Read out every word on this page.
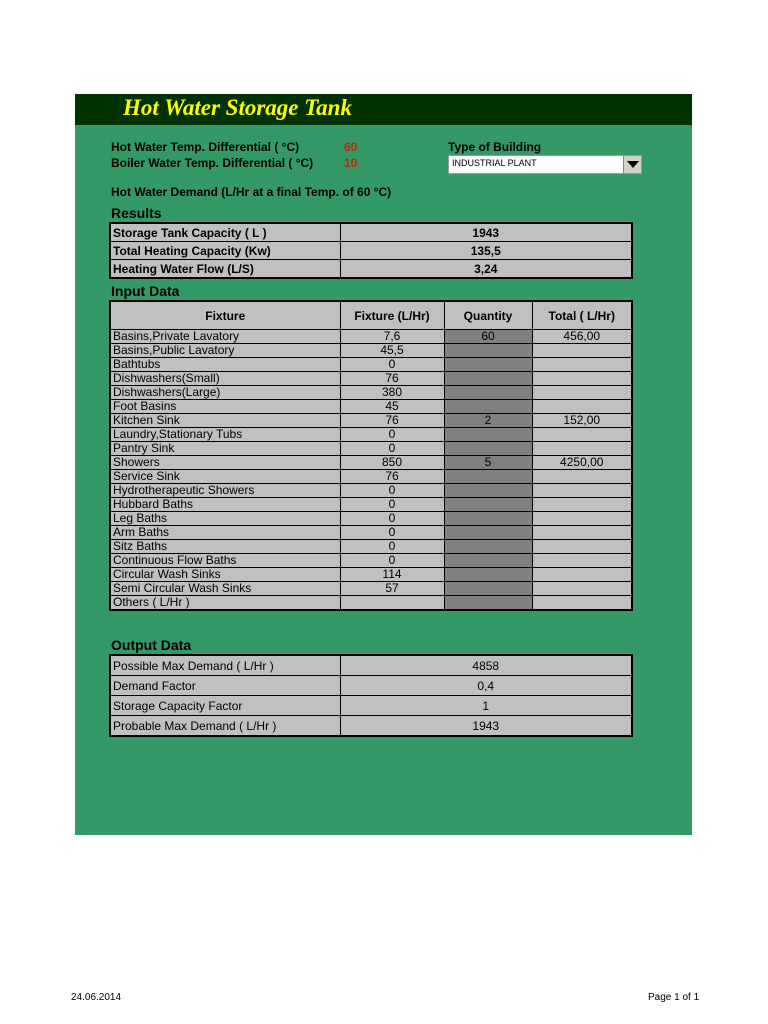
Hot Water Storage Tank
Hot Water Temp. Differential ( °C)	60
Boiler Water Temp. Differential ( °C)	10
Type of Building
INDUSTRIAL PLANT
Hot Water Demand (L/Hr at a final Temp. of 60 °C)
Results
Storage Tank Capacity ( L )	1943
Total Heating Capacity (Kw)	135,5
Heating Water Flow (L/S)	3,24
Input Data
Fixture	Fixture (L/Hr)	Quantity	Total ( L/Hr)
Basins,Private Lavatory	7,6	60	456,00
Basins,Public Lavatory	45,5		
Bathtubs	0		
Dishwashers(Small)	76		
Dishwashers(Large)	380		
Foot Basins	45		
Kitchen Sink	76	2	152,00
Laundry,Stationary Tubs	0		
Pantry Sink	0		
Showers	850	5	4250,00
Service Sink	76		
Hydrotherapeutic Showers	0		
Hubbard Baths	0		
Leg Baths	0		
Arm Baths	0		
Sitz Baths	0		
Continuous Flow Baths	0		
Circular Wash Sinks	114		
Semi Circular Wash Sinks	57		
Others ( L/Hr )			
Output Data
Possible Max Demand ( L/Hr )	4858
Demand Factor	0,4
Storage Capacity Factor	1
Probable Max Demand ( L/Hr )	1943
24.06.2014	Page 1 of 1
